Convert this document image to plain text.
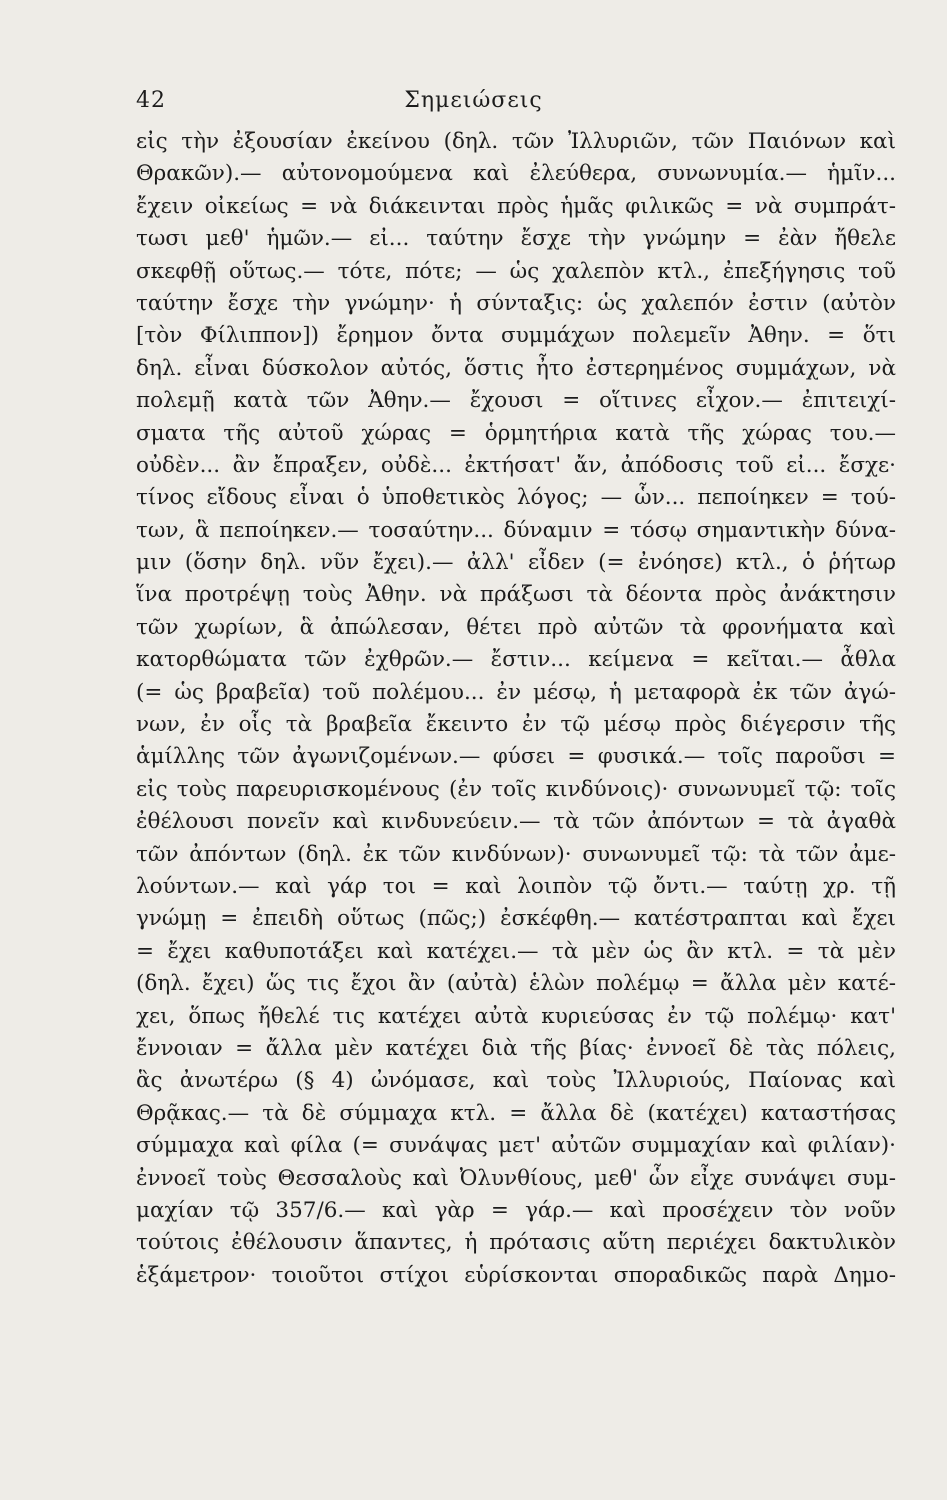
42	Σημειώσεις
εἰς τὴν ἐξουσίαν ἐκείνου (δηλ. τῶν Ἰλλυριῶν, τῶν Παιόνων καὶ
Θρακῶν).— αὐτονομούμενα καὶ ἐλεύθερα, συνωνυμία.— ἡμῖν...
ἔχειν οἰκείως = νὰ διάκεινται πρὸς ἡμᾶς φιλικῶς = νὰ συμπράτ-
τωσι μεθ' ἡμῶν.— εἰ... ταύτην ἔσχε τὴν γνώμην = ἐὰν ἤθελε
σκεφθῇ οὕτως.— τότε, πότε; — ὡς χαλεπὸν κτλ., ἐπεξήγησις τοῦ
ταύτην ἔσχε τὴν γνώμην· ἡ σύνταξις: ὡς χαλεπόν ἐστιν (αὐτὸν
[τὸν Φίλιππον]) ἔρημον ὄντα συμμάχων πολεμεῖν Ἀθην. = ὅτι
δηλ. εἶναι δύσκολον αὐτός, ὅστις ἦτο ἐστερημένος συμμάχων, νὰ
πολεμῇ κατὰ τῶν Ἀθην.— ἔχουσι = οἵτινες εἶχον.— ἐπιτειχί-
σματα τῆς αὐτοῦ χώρας = ὁρμητήρια κατὰ τῆς χώρας του.—
οὐδὲν... ἂν ἔπραξεν, οὐδὲ... ἐκτήσατ' ἄν, ἀπόδοσις τοῦ εἰ... ἔσχε·
τίνος εἴδους εἶναι ὁ ὑποθετικὸς λόγος; — ὧν... πεποίηκεν = τού-
των, ἃ πεποίηκεν.— τοσαύτην... δύναμιν = τόσῳ σημαντικὴν δύνα-
μιν (ὅσην δηλ. νῦν ἔχει).— ἀλλ' εἶδεν (= ἐνόησε) κτλ., ὁ ῥήτωρ
ἵνα προτρέψῃ τοὺς Ἀθην. νὰ πράξωσι τὰ δέοντα πρὸς ἀνάκτησιν
τῶν χωρίων, ἃ ἀπώλεσαν, θέτει πρὸ αὐτῶν τὰ φρονήματα καὶ
κατορθώματα τῶν ἐχθρῶν.— ἔστιν... κείμενα = κεῖται.— ἆθλα
(= ὡς βραβεῖα) τοῦ πολέμου... ἐν μέσῳ, ἡ μεταφορὰ ἐκ τῶν ἀγώ-
νων, ἐν οἷς τὰ βραβεῖα ἔκειντο ἐν τῷ μέσῳ πρὸς διέγερσιν τῆς
ἁμίλλης τῶν ἀγωνιζομένων.— φύσει = φυσικά.— τοῖς παροῦσι =
εἰς τοὺς παρευρισκομένους (ἐν τοῖς κινδύνοις)· συνωνυμεῖ τῷ: τοῖς
ἐθέλουσι πονεῖν καὶ κινδυνεύειν.— τὰ τῶν ἀπόντων = τὰ ἀγαθὰ
τῶν ἀπόντων (δηλ. ἐκ τῶν κινδύνων)· συνωνυμεῖ τῷ: τὰ τῶν ἀμε-
λούντων.— καὶ γάρ τοι = καὶ λοιπὸν τῷ ὄντι.— ταύτῃ χρ. τῇ
γνώμῃ = ἐπειδὴ οὕτως (πῶς;) ἐσκέφθη.— κατέστραπται καὶ ἔχει
= ἔχει καθυποτάξει καὶ κατέχει.— τὰ μὲν ὡς ἂν κτλ. = τὰ μὲν
(δηλ. ἔχει) ὥς τις ἔχοι ἂν (αὐτὰ) ἑλὼν πολέμῳ = ἄλλα μὲν κατέ-
χει, ὅπως ἤθελέ τις κατέχει αὐτὰ κυριεύσας ἐν τῷ πολέμῳ· κατ'
ἔννοιαν = ἄλλα μὲν κατέχει διὰ τῆς βίας· ἐννοεῖ δὲ τὰς πόλεις,
ἃς ἀνωτέρω (§ 4) ὠνόμασε, καὶ τοὺς Ἰλλυριούς, Παίονας καὶ
Θρᾷκας.— τὰ δὲ σύμμαχα κτλ. = ἄλλα δὲ (κατέχει) καταστήσας
σύμμαχα καὶ φίλα (= συνάψας μετ' αὐτῶν συμμαχίαν καὶ φιλίαν)·
ἐννοεῖ τοὺς Θεσσαλοὺς καὶ Ὀλυνθίους, μεθ' ὧν εἶχε συνάψει συμ-
μαχίαν τῷ 357/6.— καὶ γὰρ = γάρ.— καὶ προσέχειν τὸν νοῦν
τούτοις ἐθέλουσιν ἅπαντες, ἡ πρότασις αὕτη περιέχει δακτυλικὸν
ἑξάμετρον· τοιοῦτοι στίχοι εὑρίσκονται σποραδικῶς παρὰ Δημο-
